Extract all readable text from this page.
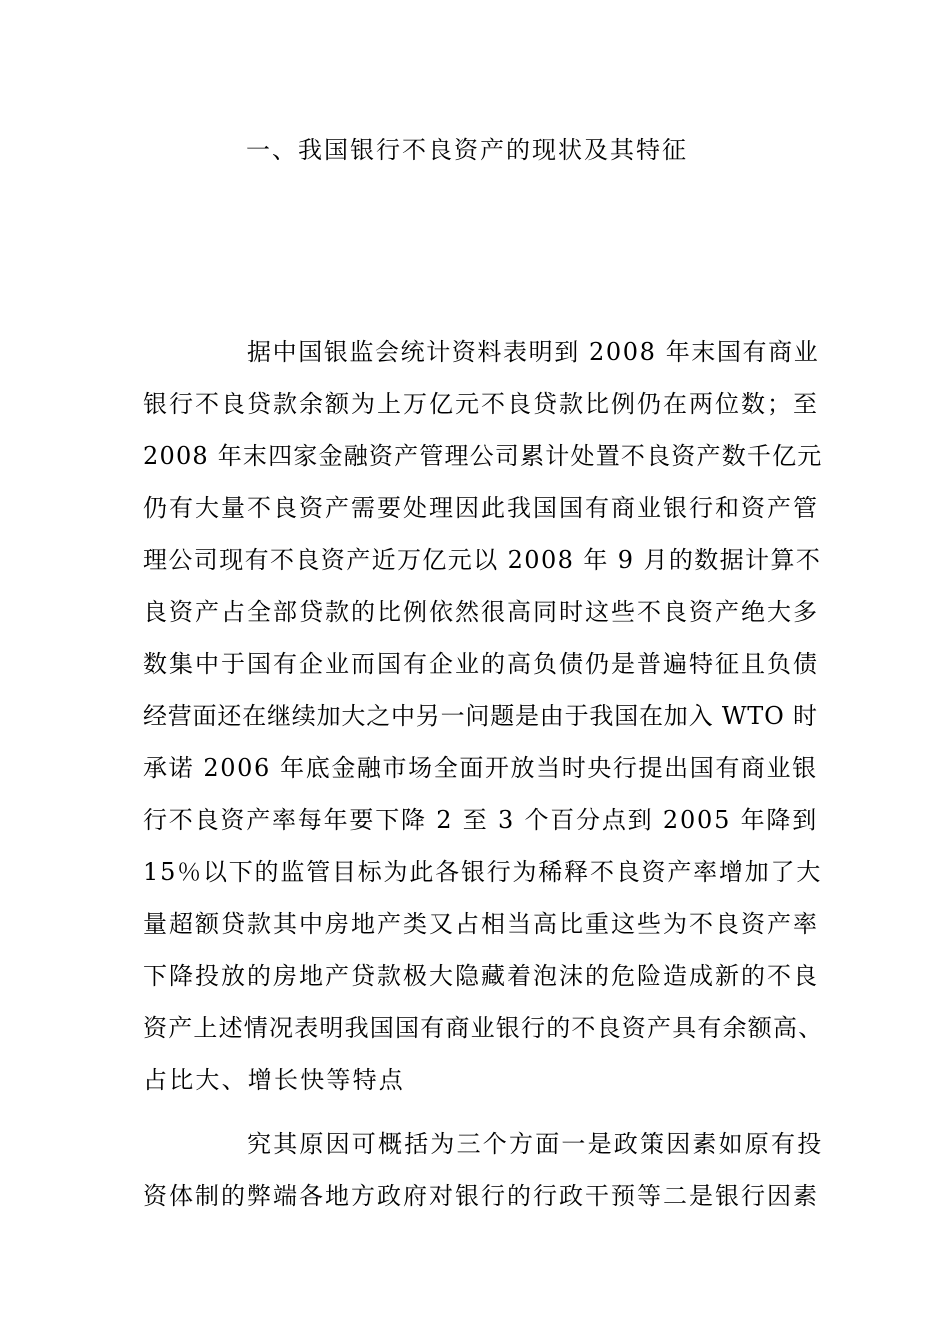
一、我国银行不良资产的现状及其特征
据中国银监会统计资料表明到 2008 年末国有商业
银行不良贷款余额为上万亿元不良贷款比例仍在两位数；至
2008 年末四家金融资产管理公司累计处置不良资产数千亿元
仍有大量不良资产需要处理因此我国国有商业银行和资产管
理公司现有不良资产近万亿元以 2008 年 9 月的数据计算不
良资产占全部贷款的比例依然很高同时这些不良资产绝大多
数集中于国有企业而国有企业的高负债仍是普遍特征且负债
经营面还在继续加大之中另一问题是由于我国在加入 WTO 时
承诺 2006 年底金融市场全面开放当时央行提出国有商业银
行不良资产率每年要下降 2 至 3 个百分点到 2005 年降到
15％以下的监管目标为此各银行为稀释不良资产率增加了大
量超额贷款其中房地产类又占相当高比重这些为不良资产率
下降投放的房地产贷款极大隐藏着泡沫的危险造成新的不良
资产上述情况表明我国国有商业银行的不良资产具有余额高、
占比大、增长快等特点
究其原因可概括为三个方面一是政策因素如原有投
资体制的弊端各地方政府对银行的行政干预等二是银行因素
